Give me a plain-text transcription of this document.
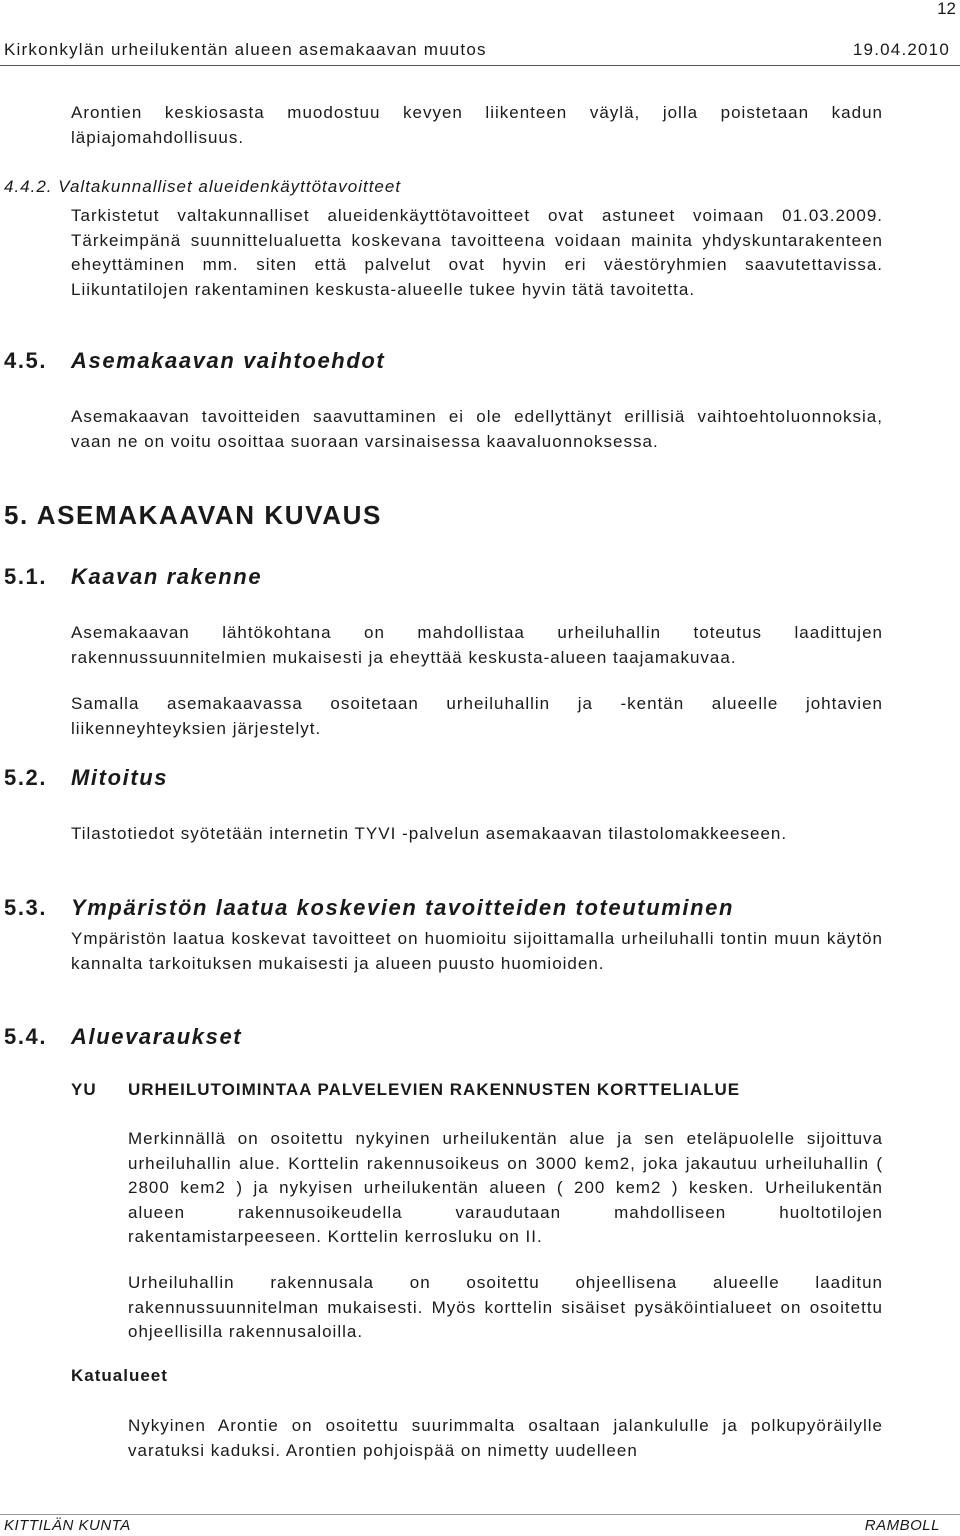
12
Kirkonkylän urheilukentän alueen asemakaavan muutos	19.04.2010

Arontien keskiosasta muodostuu kevyen liikenteen väylä, jolla poistetaan kadun läpiajomahdollisuus.

4.4.2. Valtakunnalliset alueidenkäyttötavoitteet

Tarkistetut valtakunnalliset alueidenkäyttötavoitteet ovat astuneet voimaan 01.03.2009. Tärkeimpänä suunnittelualuetta koskevana tavoitteena voidaan mainita yhdyskuntarakenteen eheyttäminen mm. siten että palvelut ovat hyvin eri väestöryhmien saavutettavissa. Liikuntatilojen rakentaminen keskusta-alueelle tukee hyvin tätä tavoitetta.

4.5. Asemakaavan vaihtoehdot

Asemakaavan tavoitteiden saavuttaminen ei ole edellyttänyt erillisiä vaihtoehtoluonnoksia, vaan ne on voitu osoittaa suoraan varsinaisessa kaavaluonnoksessa.

5. ASEMAKAAVAN KUVAUS
5.1. Kaavan rakenne

Asemakaavan lähtökohtana on mahdollistaa urheiluhallin toteutus laadittujen rakennussuunnitelmien mukaisesti ja eheyttää keskusta-alueen taajamakuvaa.

Samalla asemakaavassa osoitetaan urheiluhallin ja -kentän alueelle johtavien liikenneyhteyksien järjestelyt.

5.2. Mitoitus

Tilastotiedot syötetään internetin TYVI -palvelun asemakaavan tilastolomakkeeseen.

5.3. Ympäristön laatua koskevien tavoitteiden toteutuminen

Ympäristön laatua koskevat tavoitteet on huomioitu sijoittamalla urheiluhalli tontin muun käytön kannalta tarkoituksen mukaisesti ja alueen puusto huomioiden.

5.4. Aluevaraukset
YU URHEILUTOIMINTAA PALVELEVIEN RAKENNUSTEN KORTTELIALUE

Merkinnällä on osoitettu nykyinen urheilukentän alue ja sen eteläpuolelle sijoittuva urheiluhallin alue. Korttelin rakennusoikeus on 3000 kem2, joka jakautuu urheiluhallin ( 2800 kem2 ) ja nykyisen urheilukentän alueen ( 200 kem2 ) kesken. Urheilukentän alueen rakennusoikeudella varaudutaan mahdolliseen huoltotilojen rakentamistarpeeseen. Korttelin kerrosluku on II.

Urheiluhallin rakennusala on osoitettu ohjeellisena alueelle laaditun rakennussuunnitelman mukaisesti. Myös korttelin sisäiset pysäköintialueet on osoitettu ohjeellisilla rakennusaloilla.

Katualueet

Nykyinen Arontie on osoitettu suurimmalta osaltaan jalankululle ja polkupyöräilylle varatuksi kaduksi. Arontien pohjoispää on nimetty uudelleen

KITTILÄN KUNTA	RAMBOLL
